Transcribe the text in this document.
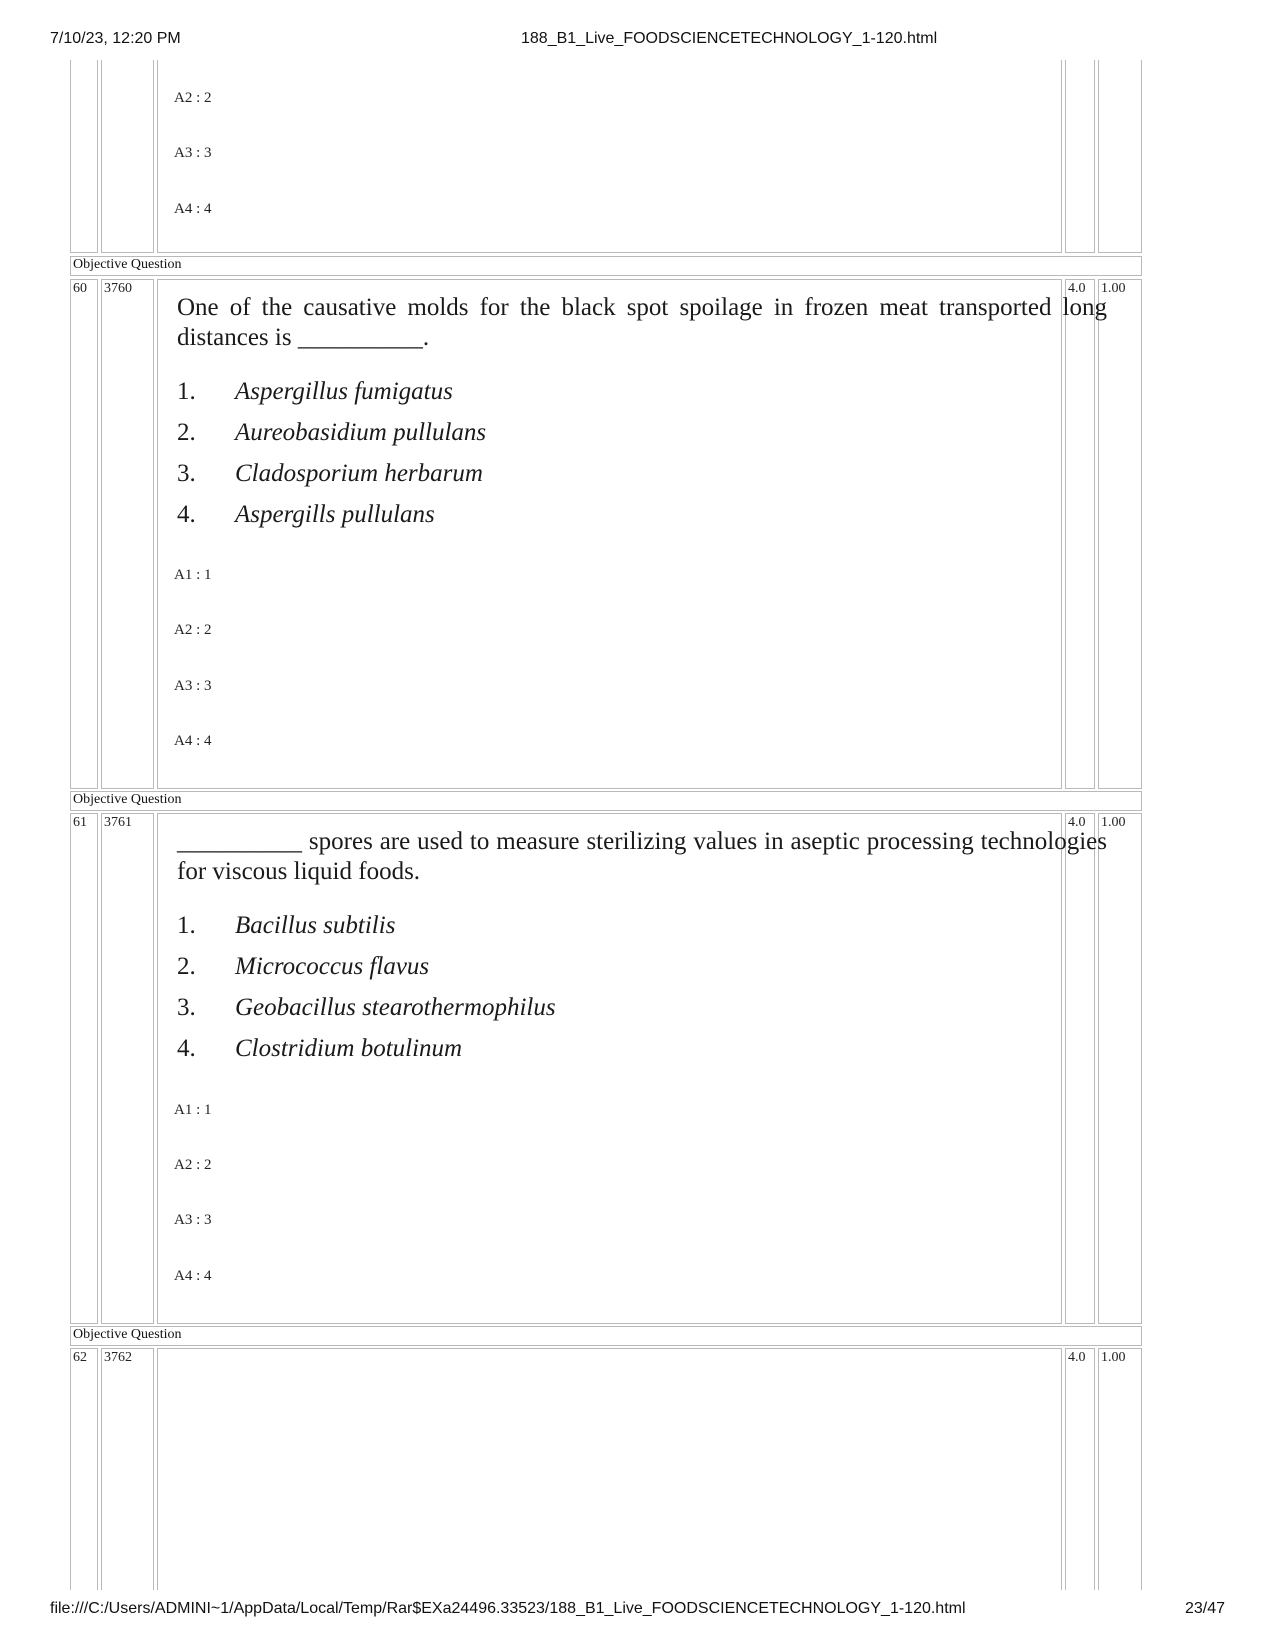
7/10/23, 12:20 PM	188_B1_Live_FOODSCIENCETECHNOLOGY_1-120.html
A2 : 2
A3 : 3
A4 : 4
Objective Question
60 3760	4.0 1.00
One of the causative molds for the black spot spoilage in frozen meat transported long distances is __________.
1. Aspergillus fumigatus
2. Aureobasidium pullulans
3. Cladosporium herbarum
4. Aspergills pullulans
A1 : 1
A2 : 2
A3 : 3
A4 : 4
Objective Question
61 3761	4.0 1.00
__________ spores are used to measure sterilizing values in aseptic processing technologies for viscous liquid foods.
1. Bacillus subtilis
2. Micrococcus flavus
3. Geobacillus stearothermophilus
4. Clostridium botulinum
A1 : 1
A2 : 2
A3 : 3
A4 : 4
Objective Question
62 3762	4.0 1.00
file:///C:/Users/ADMINI~1/AppData/Local/Temp/Rar$EXa24496.33523/188_B1_Live_FOODSCIENCETECHNOLOGY_1-120.html	23/47
